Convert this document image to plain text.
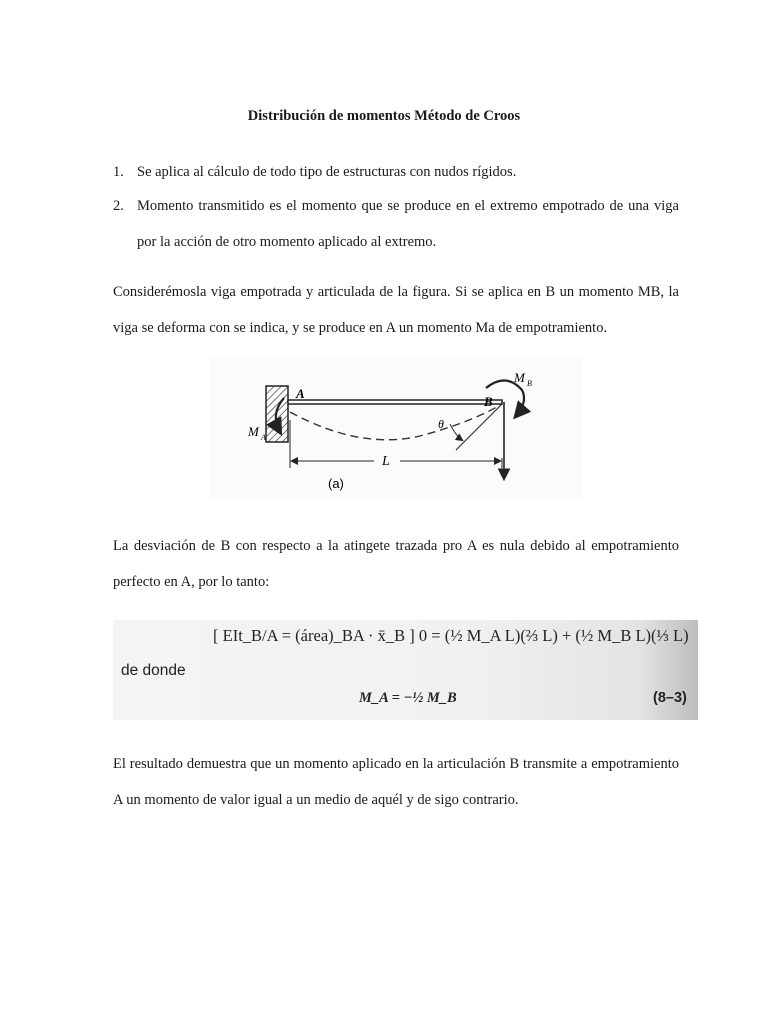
Distribución de momentos Método de Croos
1. Se aplica al cálculo de todo tipo de estructuras con nudos rígidos.
2. Momento transmitido es el momento que se produce en el extremo empotrado de una viga por la acción de otro momento aplicado al extremo.
Considerémosla viga empotrada y articulada de la figura. Si se aplica en B un momento MB, la viga se deforma con se indica, y se produce en A un momento Ma de empotramiento.
A
B
M A
M B
θ
L
(a)
La desviación de B con respecto a la atingete trazada pro A es nula debido al empotramiento perfecto en A, por lo tanto:
[ EIt_B/A = (área)_BA · x̄_B ] 0 = (½ M_A L)(⅔ L) + (½ M_B L)(⅓ L)
de donde
M_A = −½ M_B	(8–3)
El resultado demuestra que un momento aplicado en la articulación B transmite a empotramiento A un momento de valor igual a un medio de aquél y de sigo contrario.
